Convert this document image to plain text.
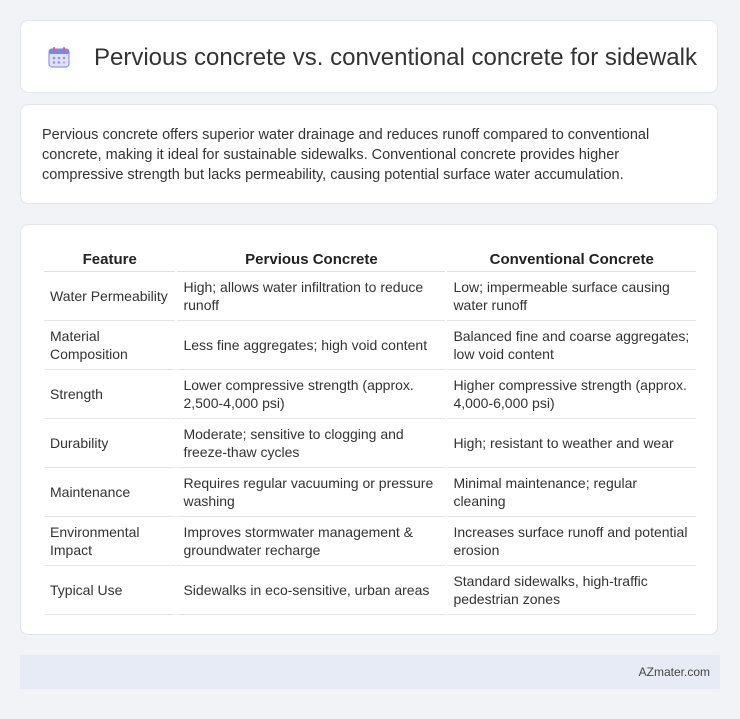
Pervious concrete vs. conventional concrete for sidewalk

Pervious concrete offers superior water drainage and reduces runoff compared to conventional concrete, making it ideal for sustainable sidewalks. Conventional concrete provides higher compressive strength but lacks permeability, causing potential surface water accumulation.

Feature	Pervious Concrete	Conventional Concrete
Water Permeability	High; allows water infiltration to reduce runoff	Low; impermeable surface causing water runoff
Material Composition	Less fine aggregates; high void content	Balanced fine and coarse aggregates; low void content
Strength	Lower compressive strength (approx. 2,500-4,000 psi)	Higher compressive strength (approx. 4,000-6,000 psi)
Durability	Moderate; sensitive to clogging and freeze-thaw cycles	High; resistant to weather and wear
Maintenance	Requires regular vacuuming or pressure washing	Minimal maintenance; regular cleaning
Environmental Impact	Improves stormwater management & groundwater recharge	Increases surface runoff and potential erosion
Typical Use	Sidewalks in eco-sensitive, urban areas	Standard sidewalks, high-traffic pedestrian zones
AZmater.com
